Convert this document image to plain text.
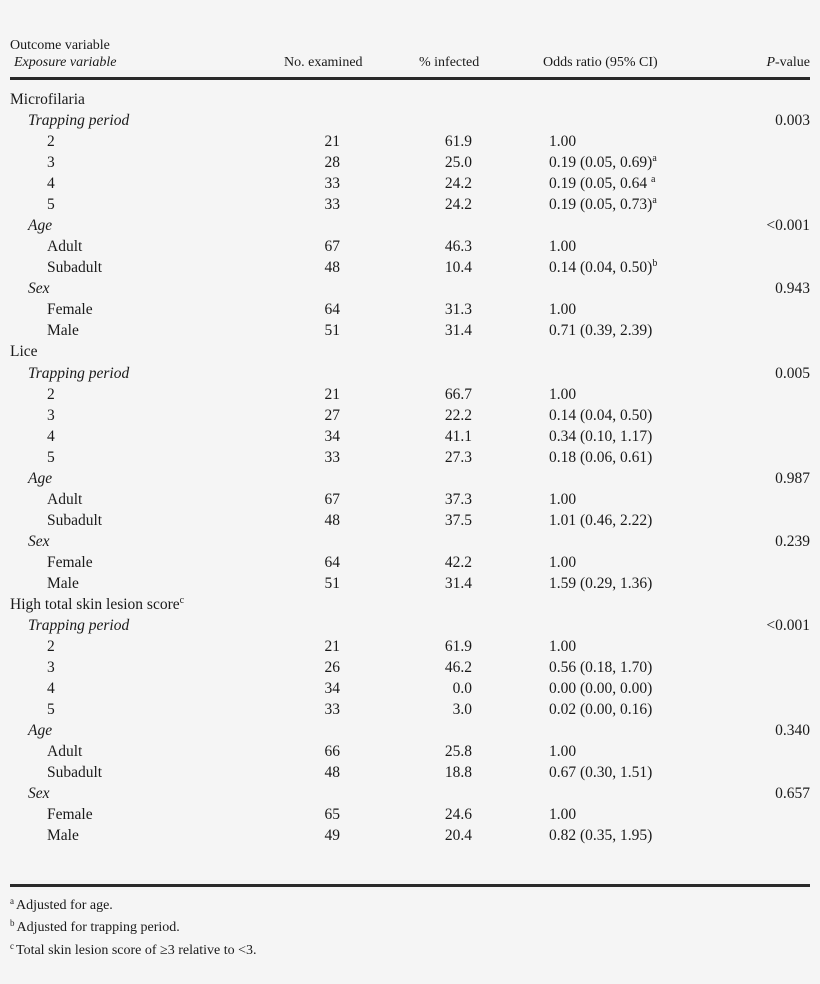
Outcome variable
Exposure variable	No. examined	% infected	Odds ratio (95% CI)	P-value
Microfilaria
Trapping period	0.003
2	21	61.9	1.00
3	28	25.0	0.19 (0.05, 0.69)$^a$
4	33	24.2	0.19 (0.05, 0.64 $^a$
5	33	24.2	0.19 (0.05, 0.73)$^a$
Age	<0.001
Adult	67	46.3	1.00
Subadult	48	10.4	0.14 (0.04, 0.50)$^b$
Sex	0.943
Female	64	31.3	1.00
Male	51	31.4	0.71 (0.39, 2.39)
Lice
Trapping period	0.005
2	21	66.7	1.00
3	27	22.2	0.14 (0.04, 0.50)
4	34	41.1	0.34 (0.10, 1.17)
5	33	27.3	0.18 (0.06, 0.61)
Age	0.987
Adult	67	37.3	1.00
Subadult	48	37.5	1.01 (0.46, 2.22)
Sex	0.239
Female	64	42.2	1.00
Male	51	31.4	1.59 (0.29, 1.36)
High total skin lesion score$^c$
Trapping period	<0.001
2	21	61.9	1.00
3	26	46.2	0.56 (0.18, 1.70)
4	34	0.0	0.00 (0.00, 0.00)
5	33	3.0	0.02 (0.00, 0.16)
Age	0.340
Adult	66	25.8	1.00
Subadult	48	18.8	0.67 (0.30, 1.51)
Sex	0.657
Female	65	24.6	1.00
Male	49	20.4	0.82 (0.35, 1.95)
$^a$ Adjusted for age.
$^b$ Adjusted for trapping period.
$^c$ Total skin lesion score of ≥3 relative to <3.
